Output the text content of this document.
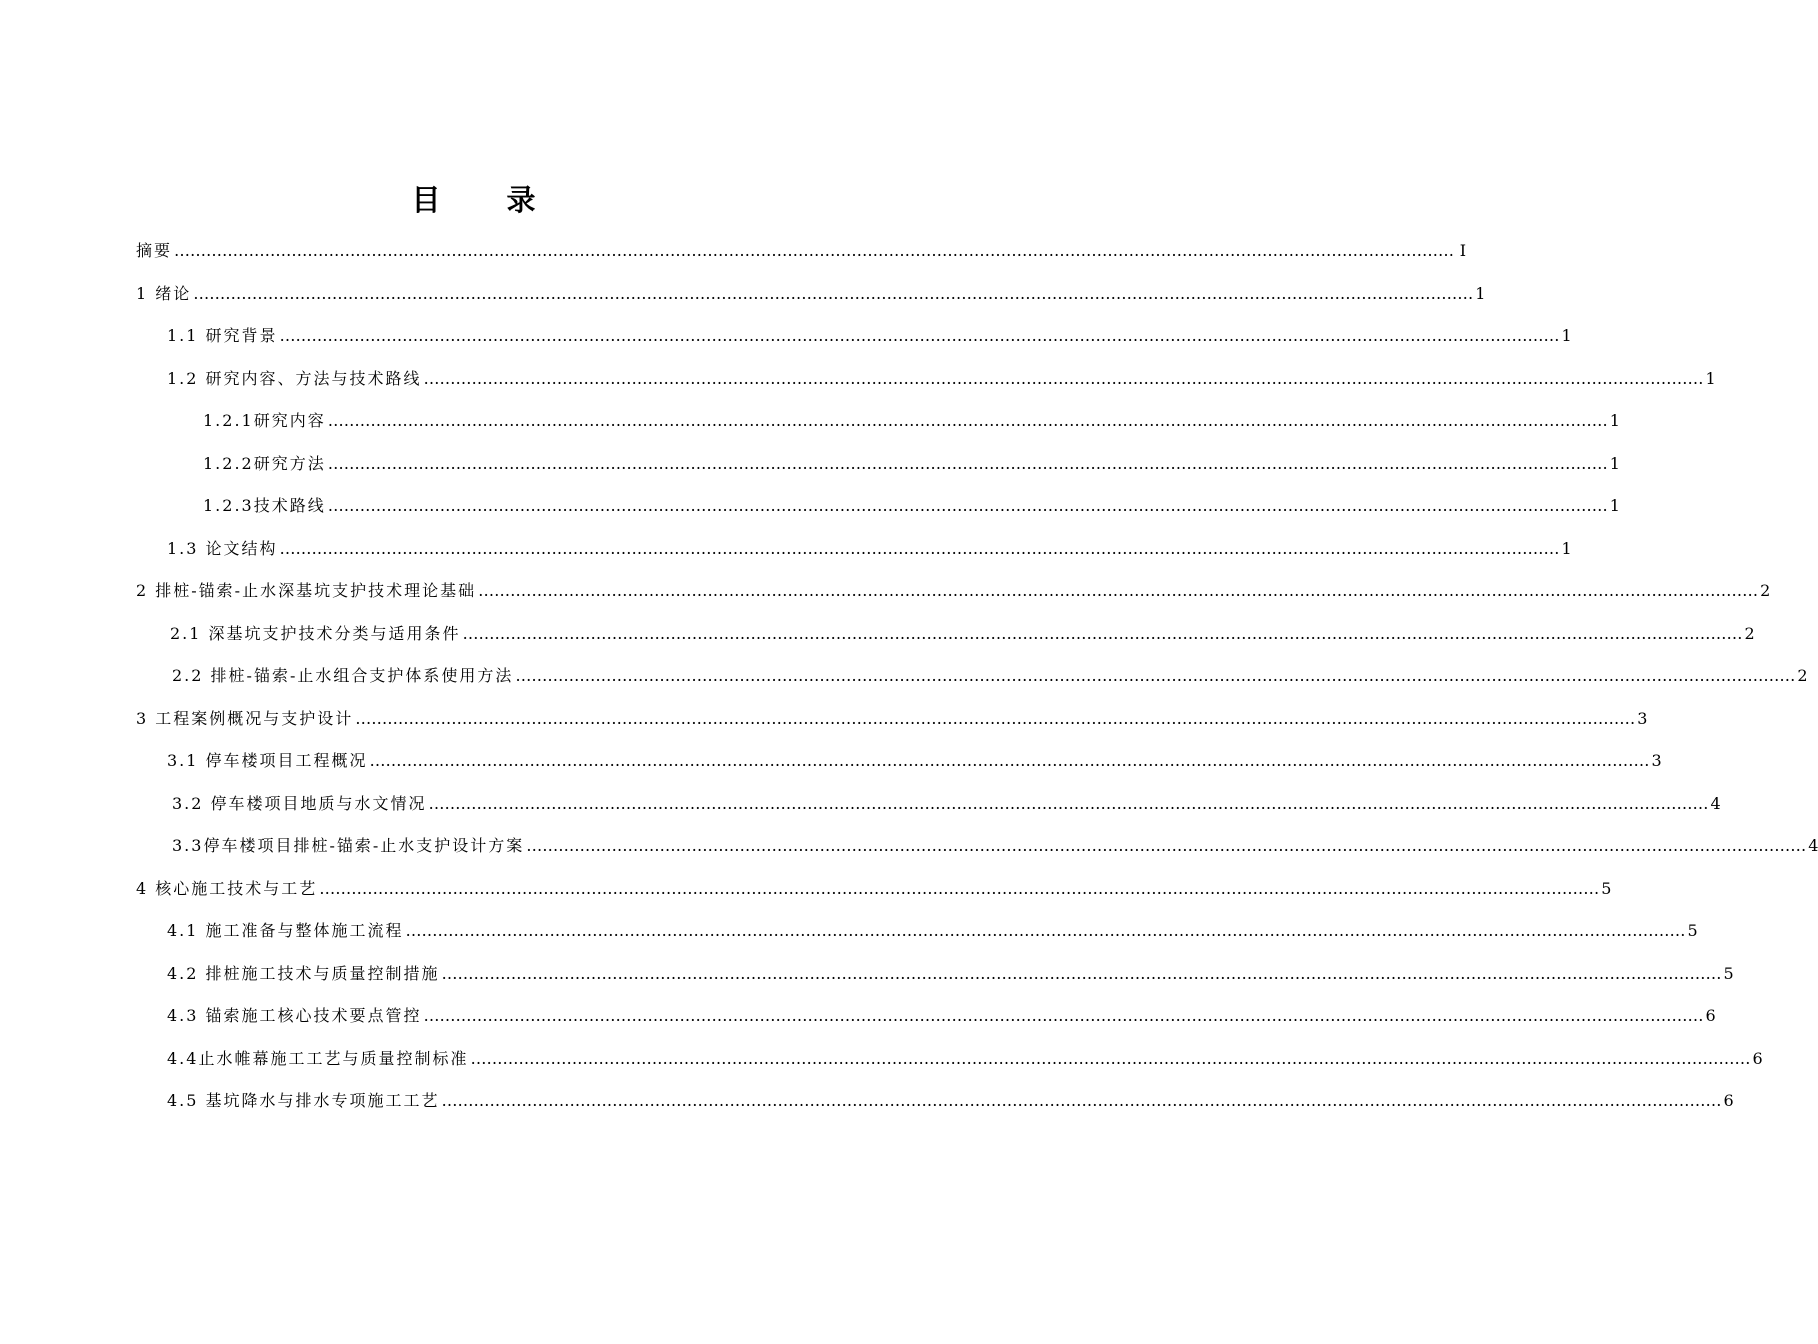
目 录
摘要 …………………………………………………………………………………………………………………………………………………………………………………………………………………… I
1 绪论 …………………………………………………………………………………………………………………………………………………………………………………………………………………… 1
1.1 研究背景 …………………………………………………………………………………………………………………………………………………………………………………………………………………… 1
1.2 研究内容、方法与技术路线 …………………………………………………………………………………………………………………………………………………………………………………………………………………… 1
1.2.1研究内容 …………………………………………………………………………………………………………………………………………………………………………………………………………………… 1
1.2.2研究方法 …………………………………………………………………………………………………………………………………………………………………………………………………………………… 1
1.2.3技术路线 …………………………………………………………………………………………………………………………………………………………………………………………………………………… 1
1.3 论文结构 …………………………………………………………………………………………………………………………………………………………………………………………………………………… 1
2 排桩-锚索-止水深基坑支护技术理论基础 …………………………………………………………………………………………………………………………………………………………………………………………………………………… 2
2.1 深基坑支护技术分类与适用条件 …………………………………………………………………………………………………………………………………………………………………………………………………………………… 2
2.2 排桩-锚索-止水组合支护体系使用方法 …………………………………………………………………………………………………………………………………………………………………………………………………………………… 2
3 工程案例概况与支护设计 …………………………………………………………………………………………………………………………………………………………………………………………………………………… 3
3.1 停车楼项目工程概况 …………………………………………………………………………………………………………………………………………………………………………………………………………………… 3
3.2 停车楼项目地质与水文情况 …………………………………………………………………………………………………………………………………………………………………………………………………………………… 4
3.3停车楼项目排桩-锚索-止水支护设计方案 …………………………………………………………………………………………………………………………………………………………………………………………………………………… 4
4 核心施工技术与工艺 …………………………………………………………………………………………………………………………………………………………………………………………………………………… 5
4.1 施工准备与整体施工流程 …………………………………………………………………………………………………………………………………………………………………………………………………………………… 5
4.2 排桩施工技术与质量控制措施 …………………………………………………………………………………………………………………………………………………………………………………………………………………… 5
4.3 锚索施工核心技术要点管控 …………………………………………………………………………………………………………………………………………………………………………………………………………………… 6
4.4止水帷幕施工工艺与质量控制标准 …………………………………………………………………………………………………………………………………………………………………………………………………………………… 6
4.5 基坑降水与排水专项施工工艺 …………………………………………………………………………………………………………………………………………………………………………………………………………………… 6
